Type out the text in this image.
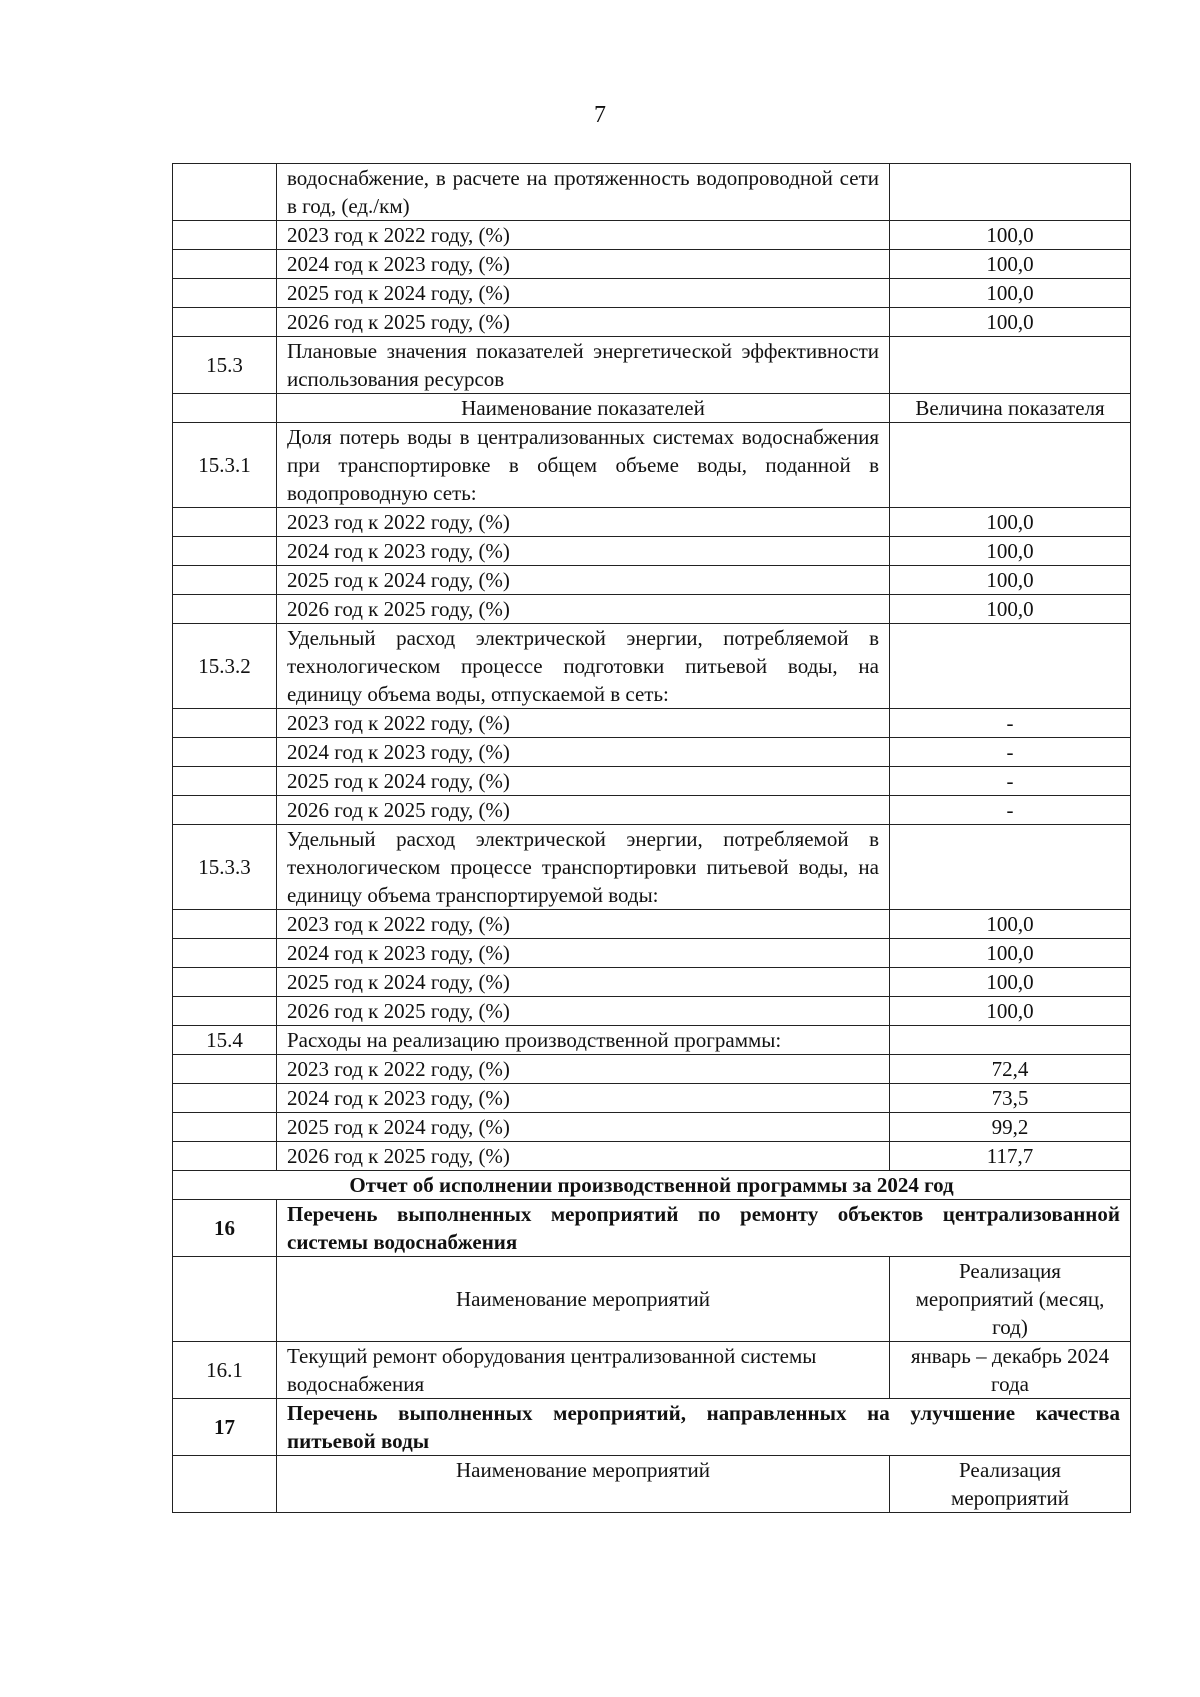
7
	водоснабжение, в расчете на протяженность водопроводной сети в год, (ед./км)	
	2023 год к 2022 году, (%)	100,0
	2024 год к 2023 году, (%)	100,0
	2025 год к 2024 году, (%)	100,0
	2026 год к 2025 году, (%)	100,0
15.3	Плановые значения показателей энергетической эффективности использования ресурсов	
	Наименование показателей	Величина показателя
15.3.1	Доля потерь воды в централизованных системах водоснабжения при транспортировке в общем объеме воды, поданной в водопроводную сеть:	
	2023 год к 2022 году, (%)	100,0
	2024 год к 2023 году, (%)	100,0
	2025 год к 2024 году, (%)	100,0
	2026 год к 2025 году, (%)	100,0
15.3.2	Удельный расход электрической энергии, потребляемой в технологическом процессе подготовки питьевой воды, на единицу объема воды, отпускаемой в сеть:	
	2023 год к 2022 году, (%)	-
	2024 год к 2023 году, (%)	-
	2025 год к 2024 году, (%)	-
	2026 год к 2025 году, (%)	-
15.3.3	Удельный расход электрической энергии, потребляемой в технологическом процессе транспортировки питьевой воды, на единицу объема транспортируемой воды:	
	2023 год к 2022 году, (%)	100,0
	2024 год к 2023 году, (%)	100,0
	2025 год к 2024 году, (%)	100,0
	2026 год к 2025 году, (%)	100,0
15.4	Расходы на реализацию производственной программы:	
	2023 год к 2022 году, (%)	72,4
	2024 год к 2023 году, (%)	73,5
	2025 год к 2024 году, (%)	99,2
	2026 год к 2025 году, (%)	117,7
Отчет об исполнении производственной программы за 2024 год		
16	Перечень выполненных мероприятий по ремонту объектов централизованной системы водоснабжения	
	Наименование мероприятий	Реализация мероприятий (месяц, год)
16.1	Текущий ремонт оборудования централизованной системы водоснабжения	январь – декабрь 2024 года
17	Перечень выполненных мероприятий, направленных на улучшение качества питьевой воды	
	Наименование мероприятий	Реализация мероприятий
